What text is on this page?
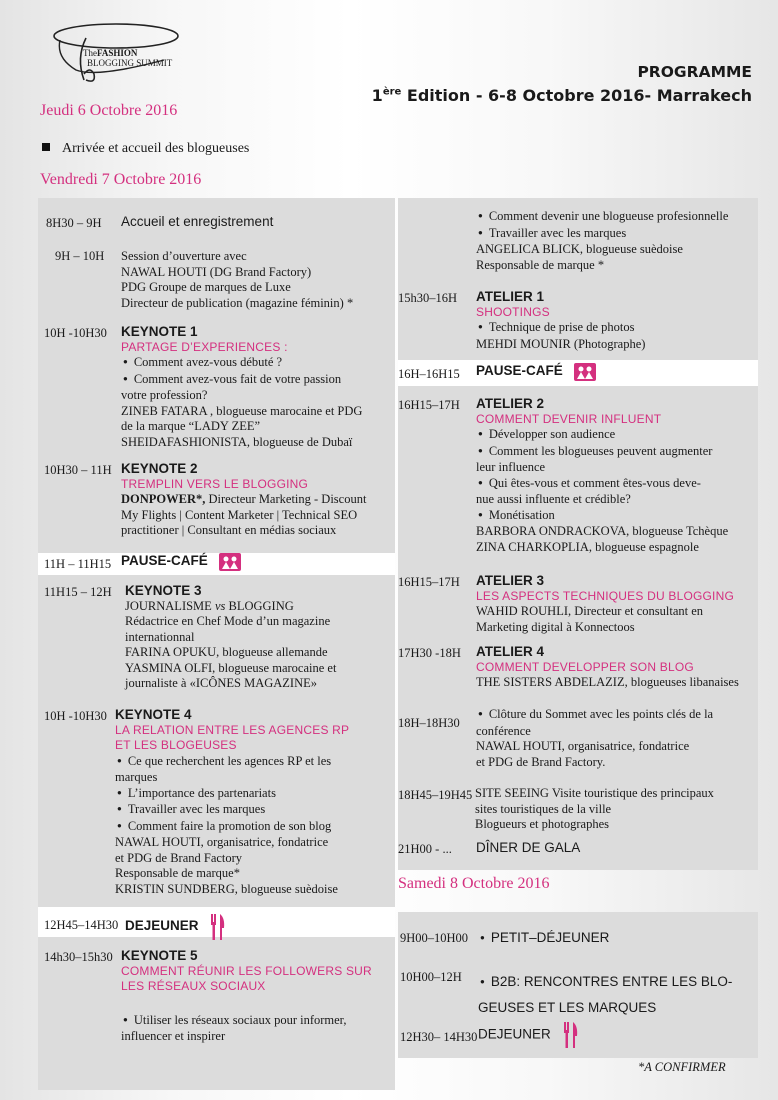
TheFASHION
BLOGGING SUMMIT	PROGRAMME
1ère Edition - 6-8 Octobre 2016- Marrakech
Jeudi 6 Octobre 2016
Arrivée et accueil des blogueuses
Vendredi 7 Octobre 2016
8H30 – 9H Accueil et enregistrement
9H – 10H Session d’ouverture avec
NAWAL HOUTI (DG Brand Factory)
PDG Groupe de marques de Luxe
Directeur de publication (magazine féminin) *
10H -10H30 KEYNOTE 1
PARTAGE D’EXPERIENCES :
● Comment avez-vous débuté ?
● Comment avez-vous fait de votre passion
votre profession?
ZINEB FATARA , blogueuse marocaine et PDG
de la marque “LADY ZEE”
SHEIDAFASHIONISTA, blogueuse de Dubaï
10H30 – 11H KEYNOTE 2
TREMPLIN VERS LE BLOGGING
DONPOWER*, Directeur Marketing - Discount
My Flights | Content Marketer | Technical SEO
practitioner | Consultant en médias sociaux
11H – 11H15 PAUSE-CAFÉ
11H15 – 12H KEYNOTE 3
JOURNALISME vs BLOGGING
Rédactrice en Chef Mode d’un magazine
internationnal
FARINA OPUKU, blogueuse allemande
YASMINA OLFI, blogueuse marocaine et
journaliste à «ICÔNES MAGAZINE»
10H -10H30 KEYNOTE 4
LA RELATION ENTRE LES AGENCES RP
ET LES BLOGEUSES
● Ce que recherchent les agences RP et les
marques
● L’importance des partenariats
● Travailler avec les marques
● Comment faire la promotion de son blog
NAWAL HOUTI, organisatrice, fondatrice
et PDG de Brand Factory
Responsable de marque*
KRISTIN SUNDBERG, blogueuse suèdoise
12H45–14H30 DEJEUNER
14h30–15h30 KEYNOTE 5
COMMENT RÉUNIR LES FOLLOWERS SUR
LES RÉSEAUX SOCIAUX
● Utiliser les réseaux sociaux pour informer,
influencer et inspirer
● Comment devenir une blogueuse profesionnelle
● Travailler avec les marques
ANGELICA BLICK, blogueuse suèdoise
Responsable de marque *
15h30–16H ATELIER 1
SHOOTINGS
● Technique de prise de photos
MEHDI MOUNIR (Photographe)
16H–16H15 PAUSE-CAFÉ
16H15–17H ATELIER 2
COMMENT DEVENIR INFLUENT
● Développer son audience
● Comment les blogueuses peuvent augmenter
leur influence
● Qui êtes-vous et comment êtes-vous deve-
nue aussi influente et crédible?
● Monétisation
BARBORA ONDRACKOVA, blogueuse Tchèque
ZINA CHARKOPLIA, blogueuse espagnole
16H15–17H ATELIER 3
LES ASPECTS TECHNIQUES DU BLOGGING
WAHID ROUHLI, Directeur et consultant en
Marketing digital à Konnectoos
17H30 -18H ATELIER 4
COMMENT DEVELOPPER SON BLOG
THE SISTERS ABDELAZIZ, blogueuses libanaises
18H–18H30
● Clôture du Sommet avec les points clés de la
conférence
NAWAL HOUTI, organisatrice, fondatrice
et PDG de Brand Factory.
18H45–19H45 SITE SEEING Visite touristique des principaux
sites touristiques de la ville
Blogueurs et photographes
21H00 - ... DÎNER DE GALA
Samedi 8 Octobre 2016
9H00–10H00	● PETIT–DÉJEUNER
10H00–12H	● B2B: RENCONTRES ENTRE LES BLO-
GEUSES ET LES MARQUES
12H30– 14H30 DEJEUNER
*A CONFIRMER
